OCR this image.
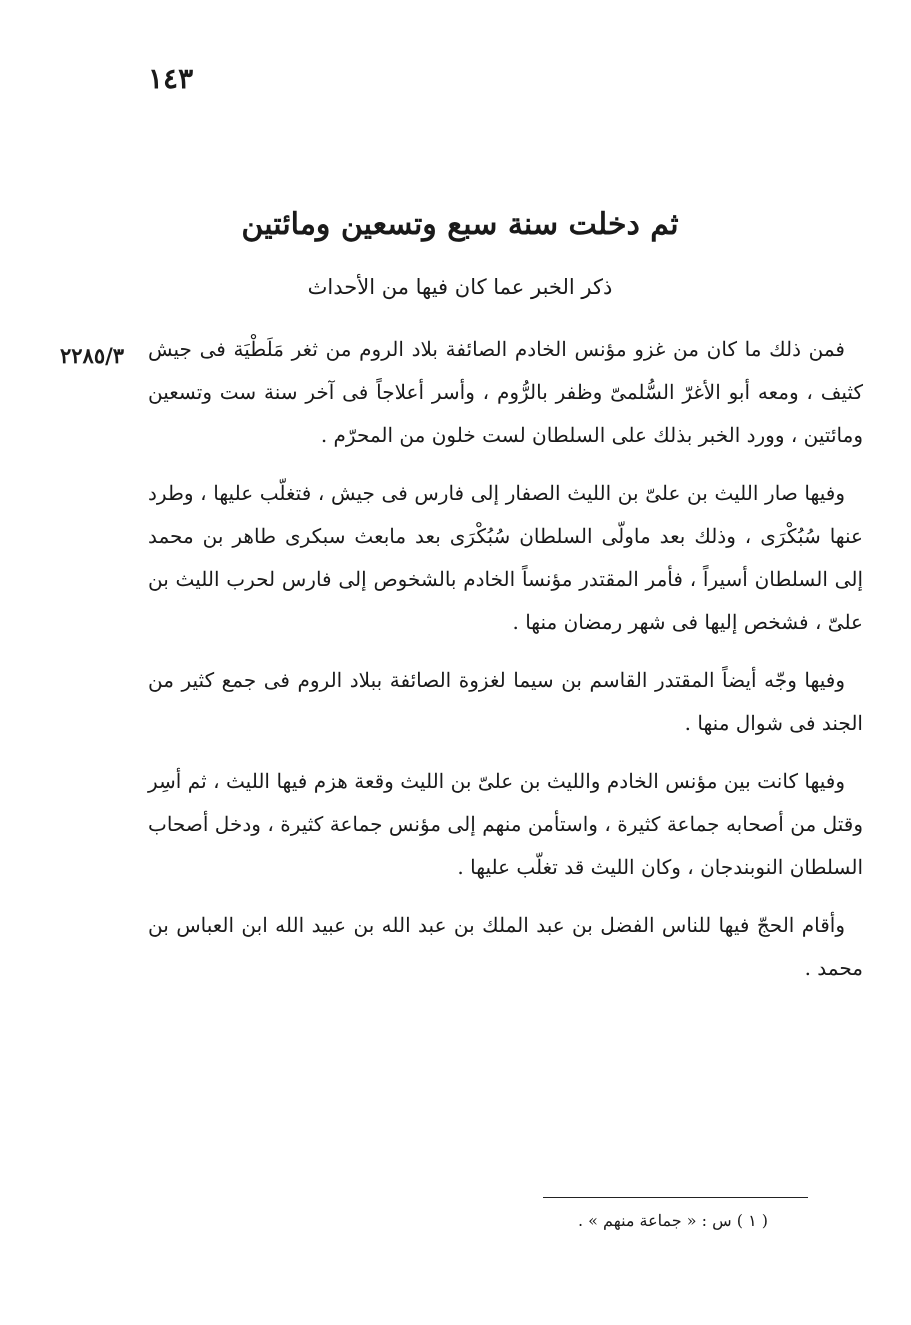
١٤٣
ثم دخلت سنة سبع وتسعين ومائتين
ذكر الخبر عما كان فيها من الأحداث
٢٢٨٥/٣ فمن ذلك ما كان من غزو مؤنس الخادم الصائفة بلاد الروم من ثغر مَلَطْيَة فى جيش كثيف ، ومعه أبو الأغرّ السُّلمىّ وظفر بالرُّوم ، وأسر أعلاجاً فى آخر سنة ست وتسعين ومائتين ، وورد الخبر بذلك على السلطان لست خلون من المحرّم .

وفيها صار الليث بن علىّ بن الليث الصفار إلى فارس فى جيش ، فتغلّب عليها ، وطرد عنها سُبُكْرَى ، وذلك بعد ماولّى السلطان سُبُكْرَى بعد مابعث سبكرى طاهر بن محمد إلى السلطان أسيراً ، فأمر المقتدر مؤنساً الخادم بالشخوص إلى فارس لحرب الليث بن علىّ ، فشخص إليها فى شهر رمضان منها .

وفيها وجّه أيضاً المقتدر القاسم بن سيما لغزوة الصائفة ببلاد الروم فى جمع كثير من الجند فى شوال منها .

وفيها كانت بين مؤنس الخادم والليث بن علىّ بن الليث وقعة هزم فيها الليث ، ثم أسِر وقتل من أصحابه جماعة كثيرة ، واستأمن منهم إلى مؤنس جماعة كثيرة ، ودخل أصحاب السلطان النوبندجان ، وكان الليث قد تغلّب عليها .

وأقام الحجّ فيها للناس الفضل بن عبد الملك بن عبد الله بن عبيد الله ابن العباس بن محمد .

( ١ ) س : « جماعة منهم » .
